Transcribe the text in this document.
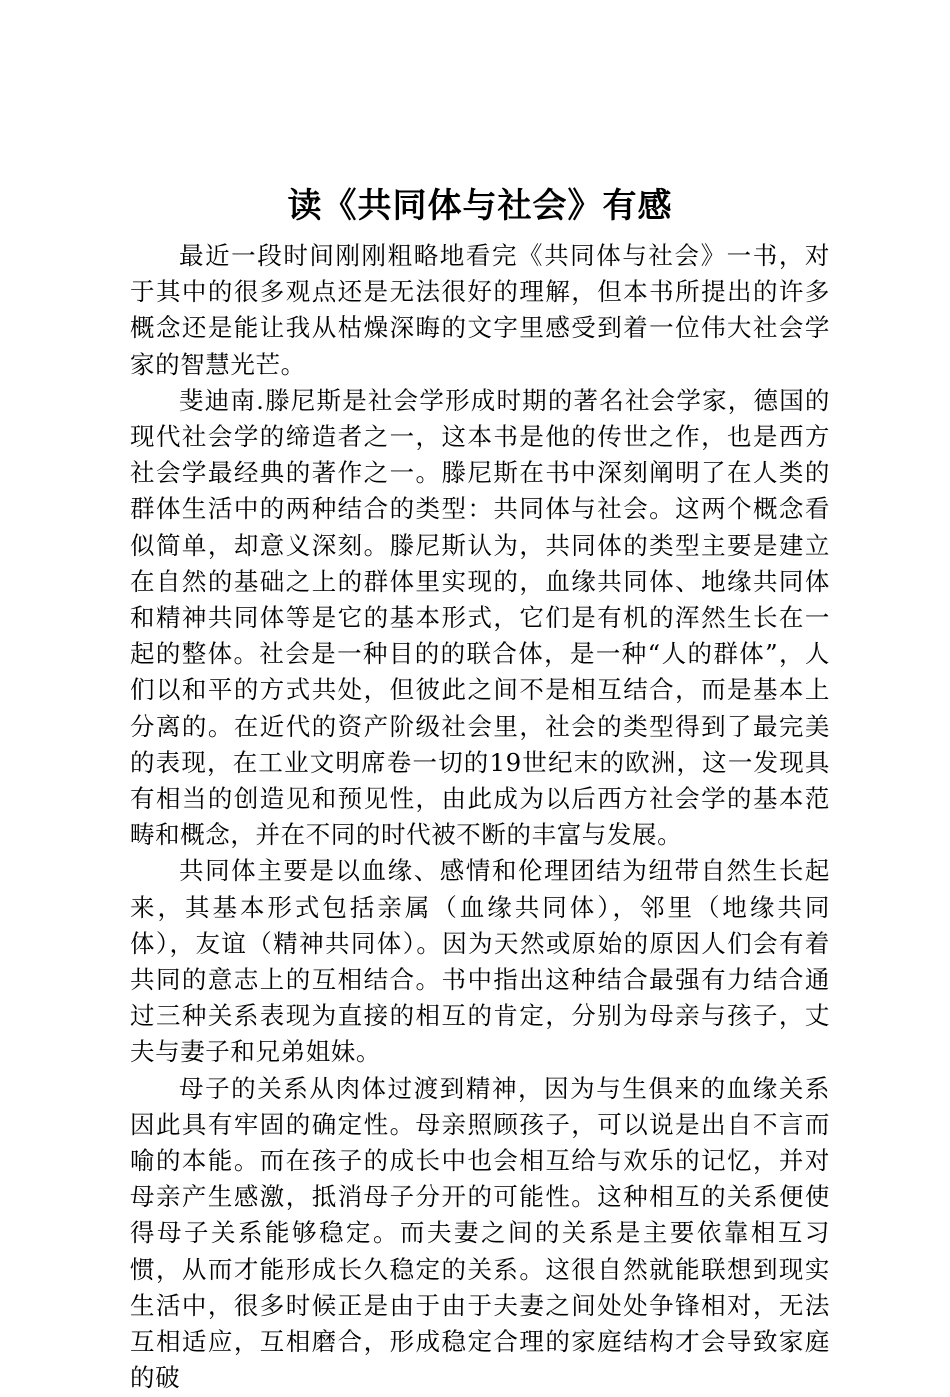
读《共同体与社会》有感

最近一段时间刚刚粗略地看完《共同体与社会》一书，对于其中的很多观点还是无法很好的理解，但本书所提出的许多概念还是能让我从枯燥深晦的文字里感受到着一位伟大社会学家的智慧光芒。

斐迪南.滕尼斯是社会学形成时期的著名社会学家，德国的现代社会学的缔造者之一，这本书是他的传世之作，也是西方社会学最经典的著作之一。滕尼斯在书中深刻阐明了在人类的群体生活中的两种结合的类型：共同体与社会。这两个概念看似简单，却意义深刻。滕尼斯认为，共同体的类型主要是建立在自然的基础之上的群体里实现的，血缘共同体、地缘共同体和精神共同体等是它的基本形式，它们是有机的浑然生长在一起的整体。社会是一种目的的联合体，是一种“人的群体”，人们以和平的方式共处，但彼此之间不是相互结合，而是基本上分离的。在近代的资产阶级社会里，社会的类型得到了最完美的表现，在工业文明席卷一切的19世纪末的欧洲，这一发现具有相当的创造见和预见性，由此成为以后西方社会学的基本范畴和概念，并在不同的时代被不断的丰富与发展。

共同体主要是以血缘、感情和伦理团结为纽带自然生长起来，其基本形式包括亲属（血缘共同体），邻里（地缘共同体），友谊（精神共同体）。因为天然或原始的原因人们会有着共同的意志上的互相结合。书中指出这种结合最强有力结合通过三种关系表现为直接的相互的肯定，分别为母亲与孩子，丈夫与妻子和兄弟姐妹。

母子的关系从肉体过渡到精神，因为与生俱来的血缘关系因此具有牢固的确定性。母亲照顾孩子，可以说是出自不言而喻的本能。而在孩子的成长中也会相互给与欢乐的记忆，并对母亲产生感激，抵消母子分开的可能性。这种相互的关系便使得母子关系能够稳定。而夫妻之间的关系是主要依靠相互习惯，从而才能形成长久稳定的关系。这很自然就能联想到现实生活中，很多时候正是由于由于夫妻之间处处争锋相对，无法互相适应，互相磨合，形成稳定合理的家庭结构才会导致家庭的破
